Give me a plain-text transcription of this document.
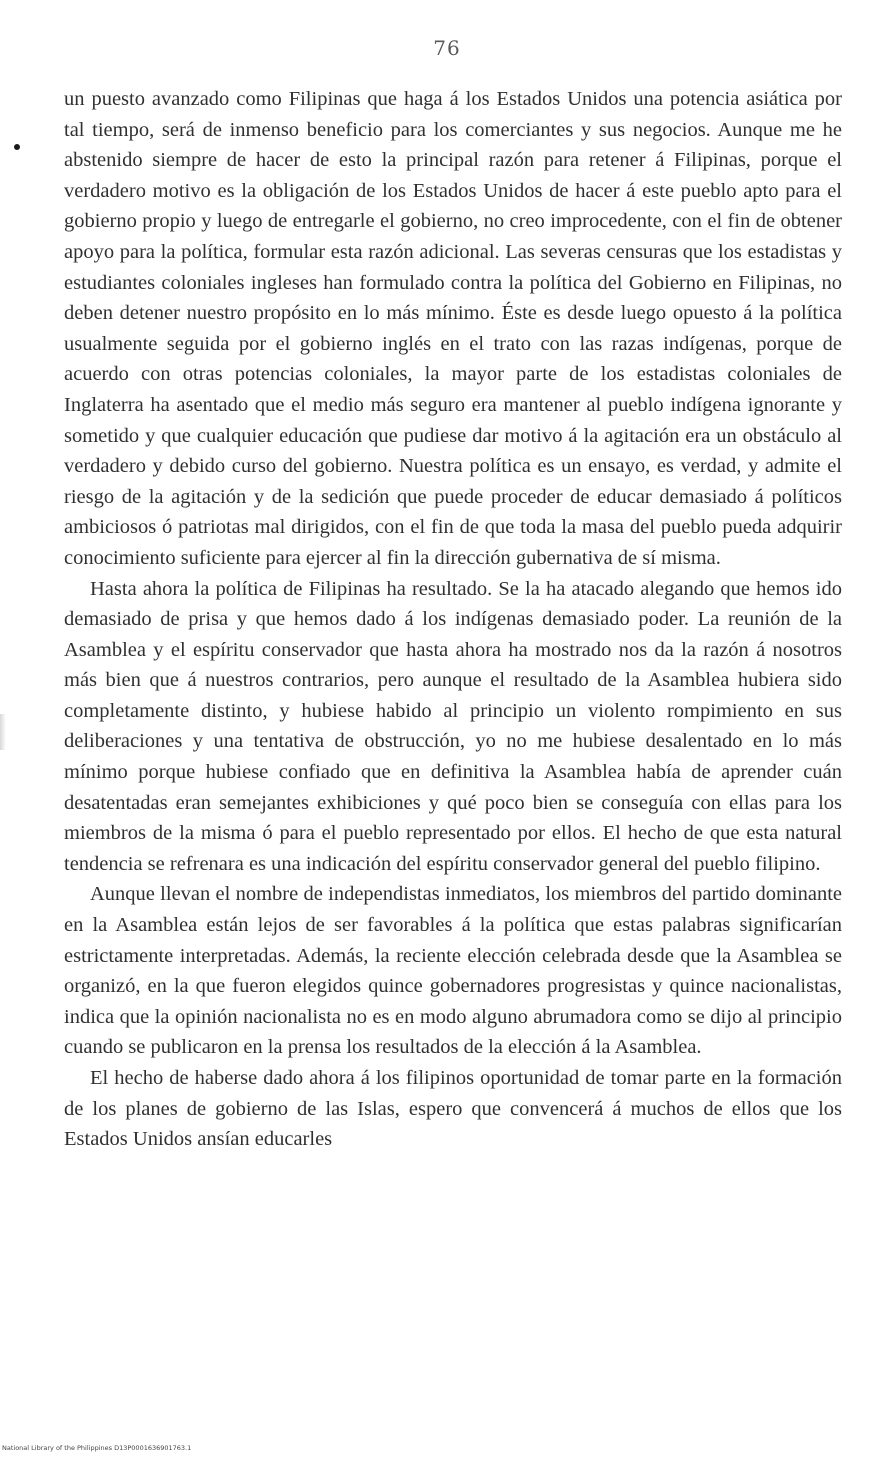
76

un puesto avanzado como Filipinas que haga á los Estados Unidos una potencia asiática por tal tiempo, será de inmenso beneficio para los comerciantes y sus negocios. Aunque me he abstenido siempre de hacer de esto la principal razón para retener á Filipinas, porque el verdadero motivo es la obligación de los Estados Unidos de hacer á este pueblo apto para el gobierno propio y luego de entregarle el gobierno, no creo improcedente, con el fin de obtener apoyo para la política, formular esta razón adicional. Las severas censuras que los estadistas y estudiantes coloniales ingleses han formulado contra la política del Gobierno en Filipinas, no deben detener nuestro propósito en lo más mínimo. Éste es desde luego opuesto á la política usualmente seguida por el gobierno inglés en el trato con las razas indígenas, porque de acuerdo con otras potencias coloniales, la mayor parte de los estadistas coloniales de Inglaterra ha asentado que el medio más seguro era mantener al pueblo indígena ignorante y sometido y que cualquier educación que pudiese dar motivo á la agitación era un obstáculo al verdadero y debido curso del gobierno. Nuestra política es un ensayo, es verdad, y admite el riesgo de la agitación y de la sedición que puede proceder de educar demasiado á políticos ambiciosos ó patriotas mal dirigidos, con el fin de que toda la masa del pueblo pueda adquirir conocimiento suficiente para ejercer al fin la dirección gubernativa de sí misma.

Hasta ahora la política de Filipinas ha resultado. Se la ha atacado alegando que hemos ido demasiado de prisa y que hemos dado á los indígenas demasiado poder. La reunión de la Asamblea y el espíritu conservador que hasta ahora ha mostrado nos da la razón á nosotros más bien que á nuestros contrarios, pero aunque el resultado de la Asamblea hubiera sido completamente distinto, y hubiese habido al principio un violento rompimiento en sus deliberaciones y una tentativa de obstrucción, yo no me hubiese desalentado en lo más mínimo porque hubiese confiado que en definitiva la Asamblea había de aprender cuán desatentadas eran semejantes exhibiciones y qué poco bien se conseguía con ellas para los miembros de la misma ó para el pueblo representado por ellos. El hecho de que esta natural tendencia se refrenara es una indicación del espíritu conservador general del pueblo filipino.

Aunque llevan el nombre de independistas inmediatos, los miembros del partido dominante en la Asamblea están lejos de ser favorables á la política que estas palabras significarían estrictamente interpretadas. Además, la reciente elección celebrada desde que la Asamblea se organizó, en la que fueron elegidos quince gobernadores progresistas y quince nacionalistas, indica que la opinión nacionalista no es en modo alguno abrumadora como se dijo al principio cuando se publicaron en la prensa los resultados de la elección á la Asamblea.

El hecho de haberse dado ahora á los filipinos oportunidad de tomar parte en la formación de los planes de gobierno de las Islas, espero que convencerá á muchos de ellos que los Estados Unidos ansían educarles

National Library of the Philippines D13P0001636901763.1
